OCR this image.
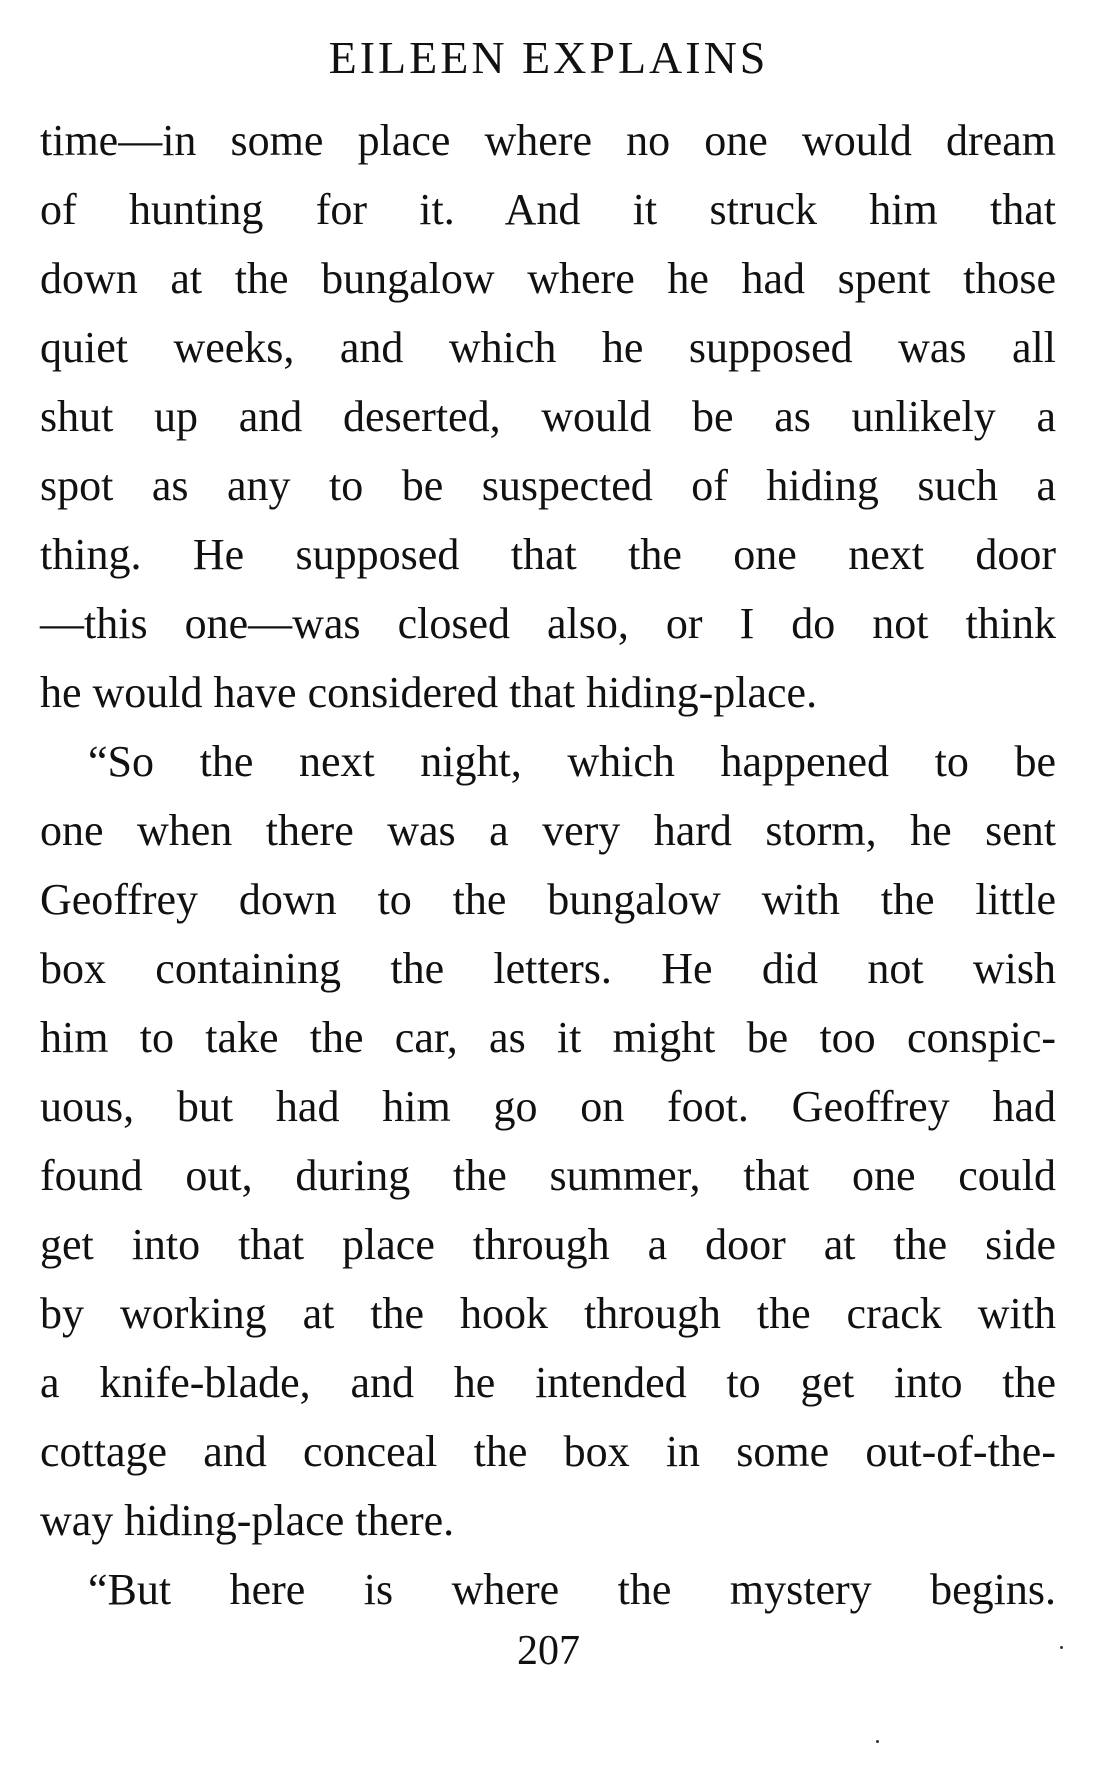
EILEEN EXPLAINS
time—in some place where no one would dream
of hunting for it. And it struck him that
down at the bungalow where he had spent those
quiet weeks, and which he supposed was all
shut up and deserted, would be as unlikely a
spot as any to be suspected of hiding such a
thing. He supposed that the one next door
—this one—was closed also, or I do not think
he would have considered that hiding-place.
“So the next night, which happened to be
one when there was a very hard storm, he sent
Geoffrey down to the bungalow with the little
box containing the letters. He did not wish
him to take the car, as it might be too conspic-
uous, but had him go on foot. Geoffrey had
found out, during the summer, that one could
get into that place through a door at the side
by working at the hook through the crack with
a knife-blade, and he intended to get into the
cottage and conceal the box in some out-of-the-
way hiding-place there.
“But here is where the mystery begins.
207
